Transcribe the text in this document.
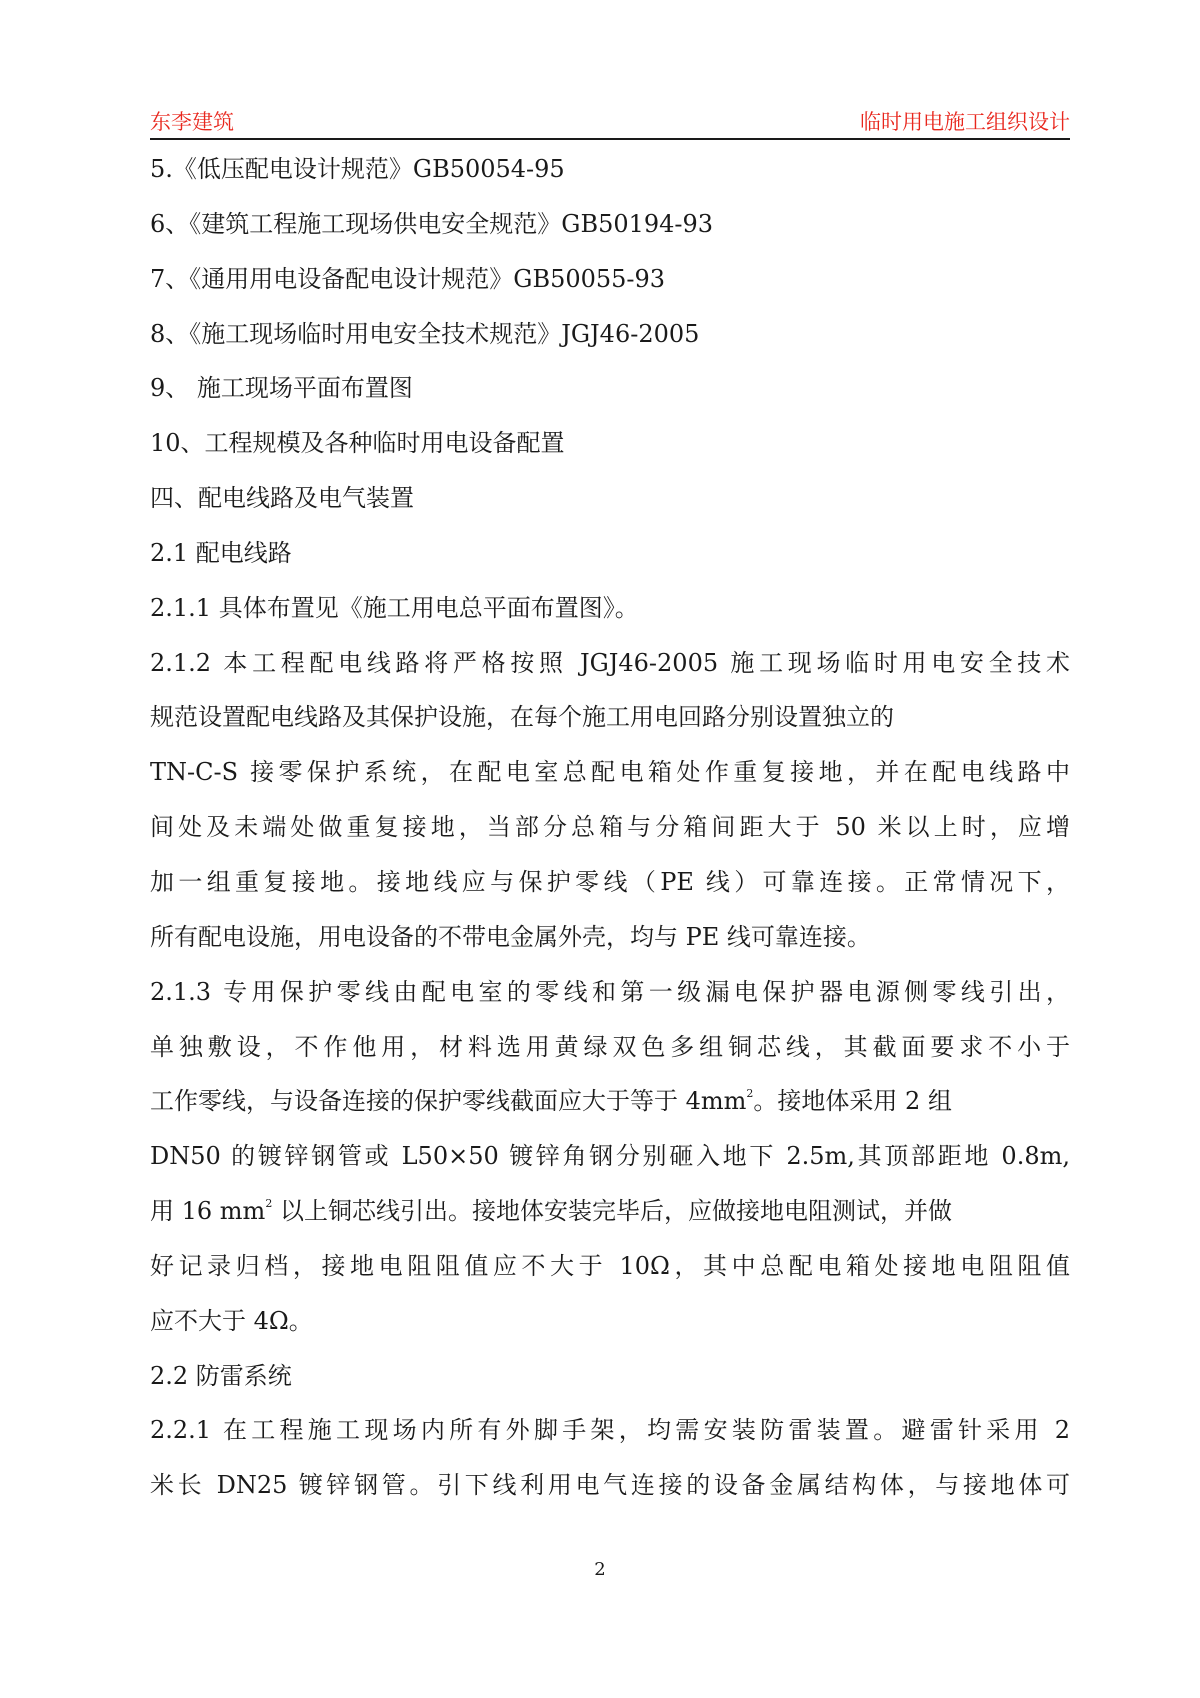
东李建筑	临时用电施工组织设计
5.《低压配电设计规范》GB50054-95
6、《建筑工程施工现场供电安全规范》GB50194-93
7、《通用用电设备配电设计规范》GB50055-93
8、《施工现场临时用电安全技术规范》JGJ46-2005
9、 施工现场平面布置图
10、工程规模及各种临时用电设备配置
四、配电线路及电气装置
2.1 配电线路
2.1.1 具体布置见《施工用电总平面布置图》。
2.1.2 本工程配电线路将严格按照 JGJ46-2005 施工现场临时用电安全技术
规范设置配电线路及其保护设施，在每个施工用电回路分别设置独立的
TN-C-S 接零保护系统，在配电室总配电箱处作重复接地，并在配电线路中
间处及未端处做重复接地，当部分总箱与分箱间距大于 50 米以上时，应增
加一组重复接地。接地线应与保护零线（PE 线）可靠连接。正常情况下，
所有配电设施，用电设备的不带电金属外壳，均与 PE 线可靠连接。
2.1.3 专用保护零线由配电室的零线和第一级漏电保护器电源侧零线引出，
单独敷设，不作他用，材料选用黄绿双色多组铜芯线，其截面要求不小于
工作零线，与设备连接的保护零线截面应大于等于 $4mm^2$。接地体采用 2 组
DN50 的镀锌钢管或 L50×50 镀锌角钢分别砸入地下 2.5m,其顶部距地 0.8m,
用 16 $mm^2$ 以上铜芯线引出。接地体安装完毕后，应做接地电阻测试，并做
好记录归档，接地电阻阻值应不大于 10Ω，其中总配电箱处接地电阻阻值
应不大于 4Ω。
2.2 防雷系统
2.2.1 在工程施工现场内所有外脚手架，均需安装防雷装置。避雷针采用 2
米长 DN25 镀锌钢管。引下线利用电气连接的设备金属结构体，与接地体可
2
